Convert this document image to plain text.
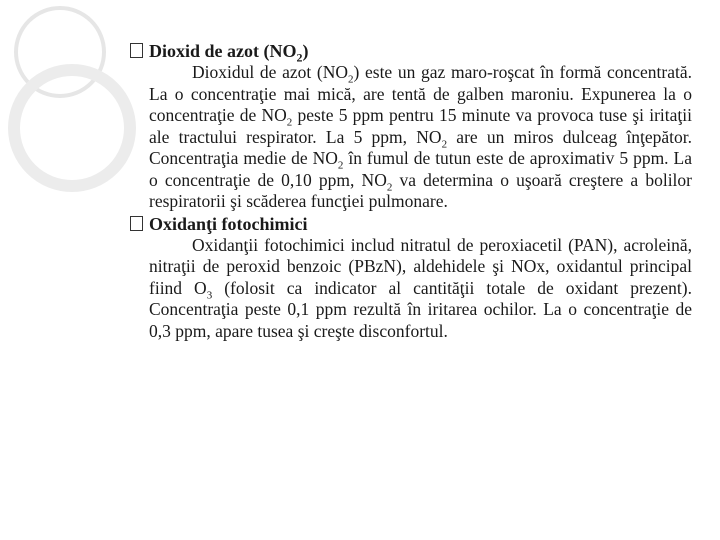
Dioxid de azot $(NO_2)$

Dioxidul de azot $(NO_2)$ este un gaz maro-roşcat în formă concentrată. La o concentraţie mai mică, are tentă de galben maroniu. Expunerea la o concentraţie de $NO_2$ peste 5 ppm pentru 15 minute va provoca tuse şi iritaţii ale tractului respirator. La 5 ppm, $NO_2$ are un miros dulceag înţepător. Concentraţia medie de $NO_2$ în fumul de tutun este de aproximativ 5 ppm. La o concentraţie de 0,10 ppm, $NO_2$ va determina o uşoară creştere a bolilor respiratorii şi scăderea funcţiei pulmonare.

Oxidanţi fotochimici

Oxidanţii fotochimici includ nitratul de peroxiacetil (PAN), acroleină, nitraţii de peroxid benzoic (PBzN), aldehidele şi NOx, oxidantul principal fiind $O_3$ (folosit ca indicator al cantităţii totale de oxidant prezent). Concentraţia peste 0,1 ppm rezultă în iritarea ochilor. La o concentraţie de 0,3 ppm, apare tusea şi creşte disconfortul.
